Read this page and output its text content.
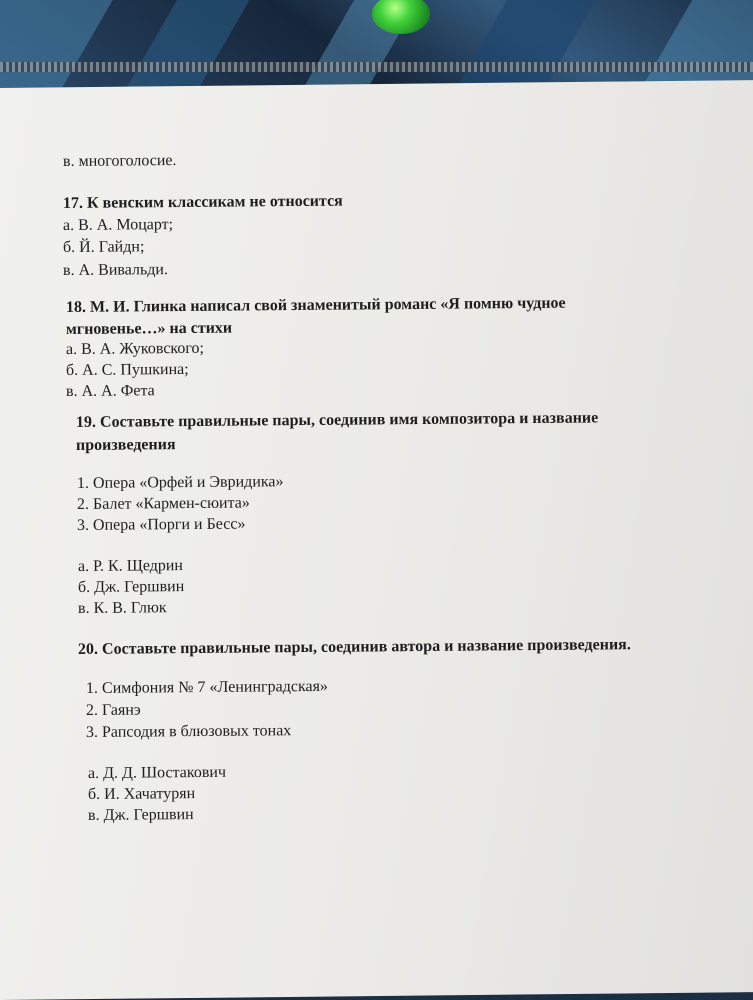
в. многоголосие.
17. К венским классикам не относится
а. В. А. Моцарт;
б. Й. Гайдн;
в. А. Вивальди.
18. М. И. Глинка написал свой знаменитый романс «Я помню чудное
мгновенье…» на стихи
а. В. А. Жуковского;
б. А. С. Пушкина;
в. А. А. Фета
19. Составьте правильные пары, соединив имя композитора и название
произведения
1. Опера «Орфей и Эвридика»
2. Балет «Кармен-сюита»
3. Опера «Порги и Бесс»
а. Р. К. Щедрин
б. Дж. Гершвин
в. К. В. Глюк
20. Составьте правильные пары, соединив автора и название произведения.
1. Симфония № 7 «Ленинградская»
2. Гаянэ
3. Рапсодия в блюзовых тонах
а. Д. Д. Шостакович
б. И. Хачатурян
в. Дж. Гершвин
